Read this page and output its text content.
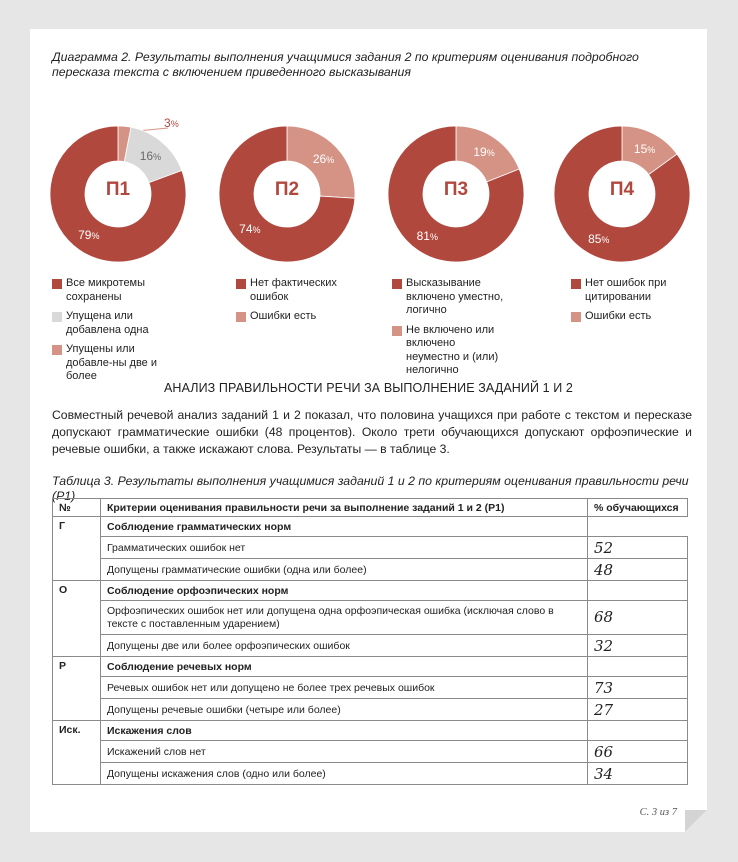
Диаграмма 2. Результаты выполнения учащимися задания 2 по критериям оценивания подробного пересказа текста с включением приведенного высказывания
3%
16%
79%
П1
26%
74%
П2
19%
81%
П3
15%
85%
П4
Все микротемы сохранены
Упущена или добавлена одна
Упущены или добавле-ны две и более
Нет фактических ошибок
Ошибки есть
Высказывание включено уместно, логично
Не включено или включено неуместно и (или) нелогично
Нет ошибок при цитировании
Ошибки есть
АНАЛИЗ ПРАВИЛЬНОСТИ РЕЧИ ЗА ВЫПОЛНЕНИЕ ЗАДАНИЙ 1 И 2
Совместный речевой анализ заданий 1 и 2 показал, что половина учащихся при работе с текстом и пересказе допускают грамматические ошибки (48 процентов). Около трети обучающихся допускают орфоэпические и речевые ошибки, а также искажают слова. Результаты — в таблице 3.
Таблица 3. Результаты выполнения учащимися заданий 1 и 2 по критериям оценивания правильности речи (Р1)
№	Критерии оценивания правильности речи за выполнение заданий 1 и 2 (Р1)	% обучающихся
Г	Соблюдение грамматических норм	
	Грамматических ошибок нет	52
	Допущены грамматические ошибки (одна или более)	48
О	Соблюдение орфоэпических норм	
	Орфоэпических ошибок нет или допущена одна орфоэпическая ошибка (исключая слово в тексте с поставленным ударением)	68
	Допущены две или более орфоэпических ошибок	32
Р	Соблюдение речевых норм	
	Речевых ошибок нет или допущено не более трех речевых ошибок	73
	Допущены речевые ошибки (четыре или более)	27
Иск.	Искажения слов	
	Искажений слов нет	66
	Допущены искажения слов (одно или более)	34
С. 3 из 7
